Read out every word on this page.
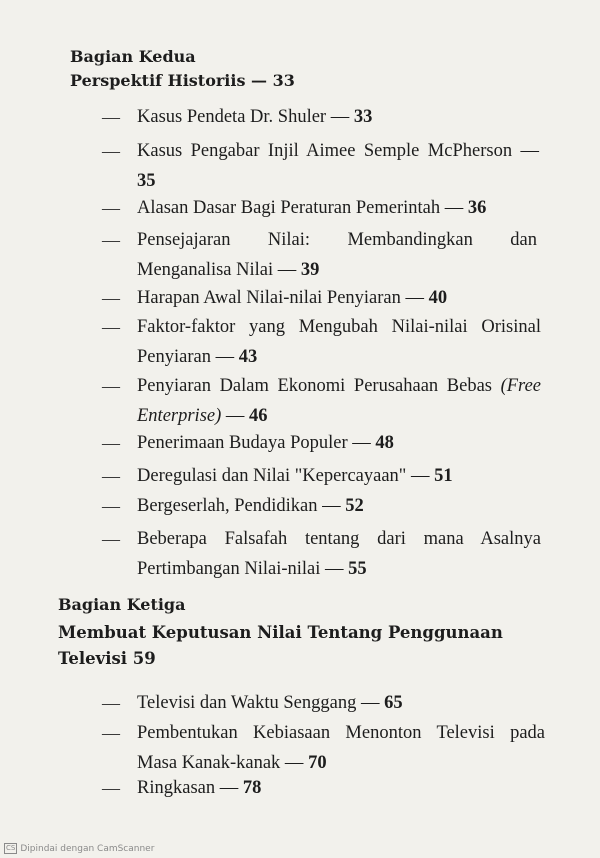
Bagian Kedua
Perspektif Historiis — 33
— Kasus Pendeta Dr. Shuler — 33
— Kasus Pengabar Injil Aimee Semple McPherson — 35
— Alasan Dasar Bagi Peraturan Pemerintah — 36
— Pensejajaran Nilai: Membandingkan dan Menganalisa Nilai — 39
— Harapan Awal Nilai-nilai Penyiaran — 40
— Faktor-faktor yang Mengubah Nilai-nilai Orisinal Penyiaran — 43
— Penyiaran Dalam Ekonomi Perusahaan Bebas (Free Enterprise) — 46
— Penerimaan Budaya Populer — 48
— Deregulasi dan Nilai "Kepercayaan" — 51
— Bergeserlah, Pendidikan — 52
— Beberapa Falsafah tentang dari mana Asalnya Pertimbangan Nilai-nilai — 55
Bagian Ketiga
Membuat Keputusan Nilai Tentang Penggunaan
Televisi 59
— Televisi dan Waktu Senggang — 65
— Pembentukan Kebiasaan Menonton Televisi pada Masa Kanak-kanak — 70
— Ringkasan — 78
CS Dipindai dengan CamScanner
